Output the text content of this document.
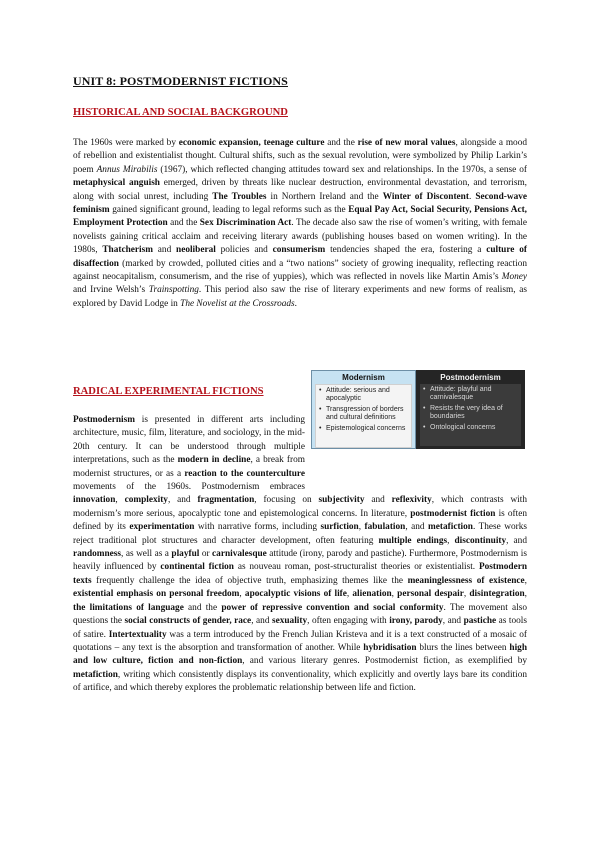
UNIT 8: POSTMODERNIST FICTIONS
HISTORICAL AND SOCIAL BACKGROUND

The 1960s were marked by economic expansion, teenage culture and the rise of new moral values, alongside a mood of rebellion and existentialist thought. Cultural shifts, such as the sexual revolution, were symbolized by Philip Larkin’s poem Annus Mirabilis (1967), which reflected changing attitudes toward sex and relationships. In the 1970s, a sense of metaphysical anguish emerged, driven by threats like nuclear destruction, environmental devastation, and terrorism, along with social unrest, including The Troubles in Northern Ireland and the Winter of Discontent. Second-wave feminism gained significant ground, leading to legal reforms such as the Equal Pay Act, Social Security, Pensions Act, Employment Protection and the Sex Discrimination Act. The decade also saw the rise of women’s writing, with female novelists gaining critical acclaim and receiving literary awards (publishing houses based on women writing). In the 1980s, Thatcherism and neoliberal policies and consumerism tendencies shaped the era, fostering a culture of disaffection (marked by crowded, polluted cities and a “two nations” society of growing inequality, reflecting reaction against neocapitalism, consumerism, and the rise of yuppies), which was reflected in novels like Martin Amis’s Money and Irvine Welsh’s Trainspotting. This period also saw the rise of literary experiments and new forms of realism, as explored by David Lodge in The Novelist at the Crossroads.

RADICAL EXPERIMENTAL FICTIONS

Postmodernism is presented in different arts including architecture, music, film, literature, and sociology, in the mid-20th century. It can be understood through multiple interpretations, such as the modern in decline, a break from modernist structures, or as a reaction to the counterculture movements of the 1960s. Postmodernism embraces innovation, complexity, and fragmentation, focusing on subjectivity and reflexivity, which contrasts with modernism’s more serious, apocalyptic tone and epistemological concerns. In literature, postmodernist fiction is often defined by its experimentation with narrative forms, including surfiction, fabulation, and metafiction. These works reject traditional plot structures and character development, often featuring multiple endings, discontinuity, and randomness, as well as a playful or carnivalesque attitude (irony, parody and pastiche). Furthermore, Postmodernism is heavily influenced by continental fiction as nouveau roman, post-structuralist theories or existentialist. Postmodern texts frequently challenge the idea of objective truth, emphasizing themes like the meaninglessness of existence, existential emphasis on personal freedom, apocalyptic visions of life, alienation, personal despair, disintegration, the limitations of language and the power of repressive convention and social conformity. The movement also questions the social constructs of gender, race, and sexuality, often engaging with irony, parody, and pastiche as tools of satire. Intertextuality was a term introduced by the French Julian Kristeva and it is a text constructed of a mosaic of quotations – any text is the absorption and transformation of another. While hybridisation blurs the lines between high and low culture, fiction and non-fiction, and various literary genres. Postmodernist fiction, as exemplified by metafiction, writing which consistently displays its conventionality, which explicitly and overtly lays bare its condition of artifice, and which thereby explores the problematic relationship between life and fiction.

Modernism
• Attitude: serious and apocalyptic
• Transgression of borders and cultural definitions
• Epistemological concerns
Postmodernism
• Attitude: playful and carnivalesque
• Resists the very idea of boundaries
• Ontological concerns
